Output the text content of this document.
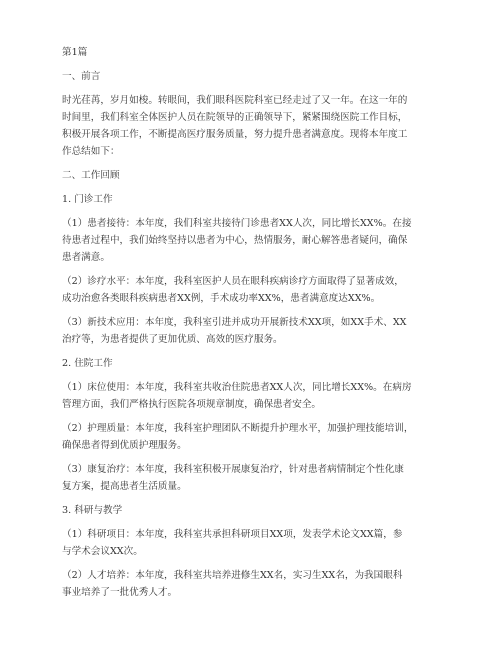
第1篇

一、前言

时光荏苒，岁月如梭。转眼间，我们眼科医院科室已经走过了又一年。在这一年的
时间里，我们科室全体医护人员在院领导的正确领导下，紧紧围绕医院工作目标，
积极开展各项工作，不断提高医疗服务质量，努力提升患者满意度。现将本年度工
作总结如下：

二、工作回顾

1. 门诊工作

（1）患者接待：本年度，我们科室共接待门诊患者XX人次，同比增长XX%。在接
待患者过程中，我们始终坚持以患者为中心，热情服务，耐心解答患者疑问，确保
患者满意。

（2）诊疗水平：本年度，我科室医护人员在眼科疾病诊疗方面取得了显著成效，
成功治愈各类眼科疾病患者XX例，手术成功率XX%，患者满意度达XX%。

（3）新技术应用：本年度，我科室引进并成功开展新技术XX项，如XX手术、XX
治疗等，为患者提供了更加优质、高效的医疗服务。

2. 住院工作

（1）床位使用：本年度，我科室共收治住院患者XX人次，同比增长XX%。在病房
管理方面，我们严格执行医院各项规章制度，确保患者安全。

（2）护理质量：本年度，我科室护理团队不断提升护理水平，加强护理技能培训，
确保患者得到优质护理服务。

（3）康复治疗：本年度，我科室积极开展康复治疗，针对患者病情制定个性化康
复方案，提高患者生活质量。

3. 科研与教学

（1）科研项目：本年度，我科室共承担科研项目XX项，发表学术论文XX篇，参
与学术会议XX次。

（2）人才培养：本年度，我科室共培养进修生XX名，实习生XX名，为我国眼科
事业培养了一批优秀人才。
